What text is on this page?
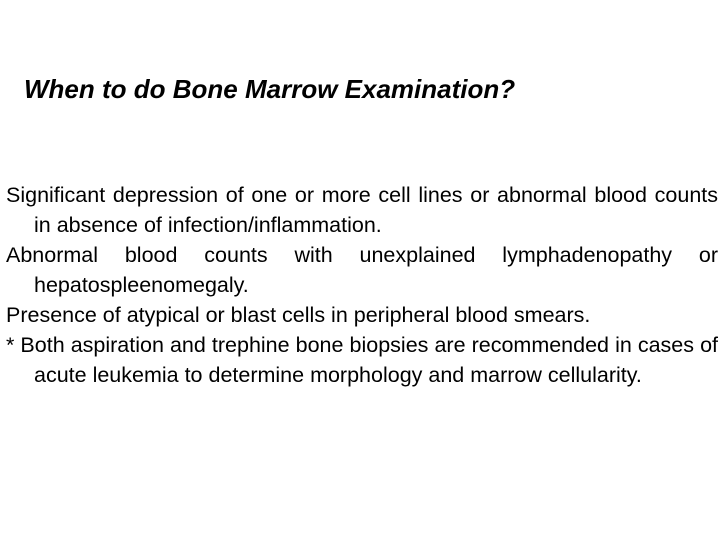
When to do Bone Marrow Examination?
Significant depression of one or more cell lines or abnormal blood counts in absence of infection/inflammation.
Abnormal blood counts with unexplained lymphadenopathy or hepatospleenomegaly.
Presence of atypical or blast cells in peripheral blood smears.
* Both aspiration and trephine bone biopsies are recommended in cases of acute leukemia to determine morphology and marrow cellularity.
